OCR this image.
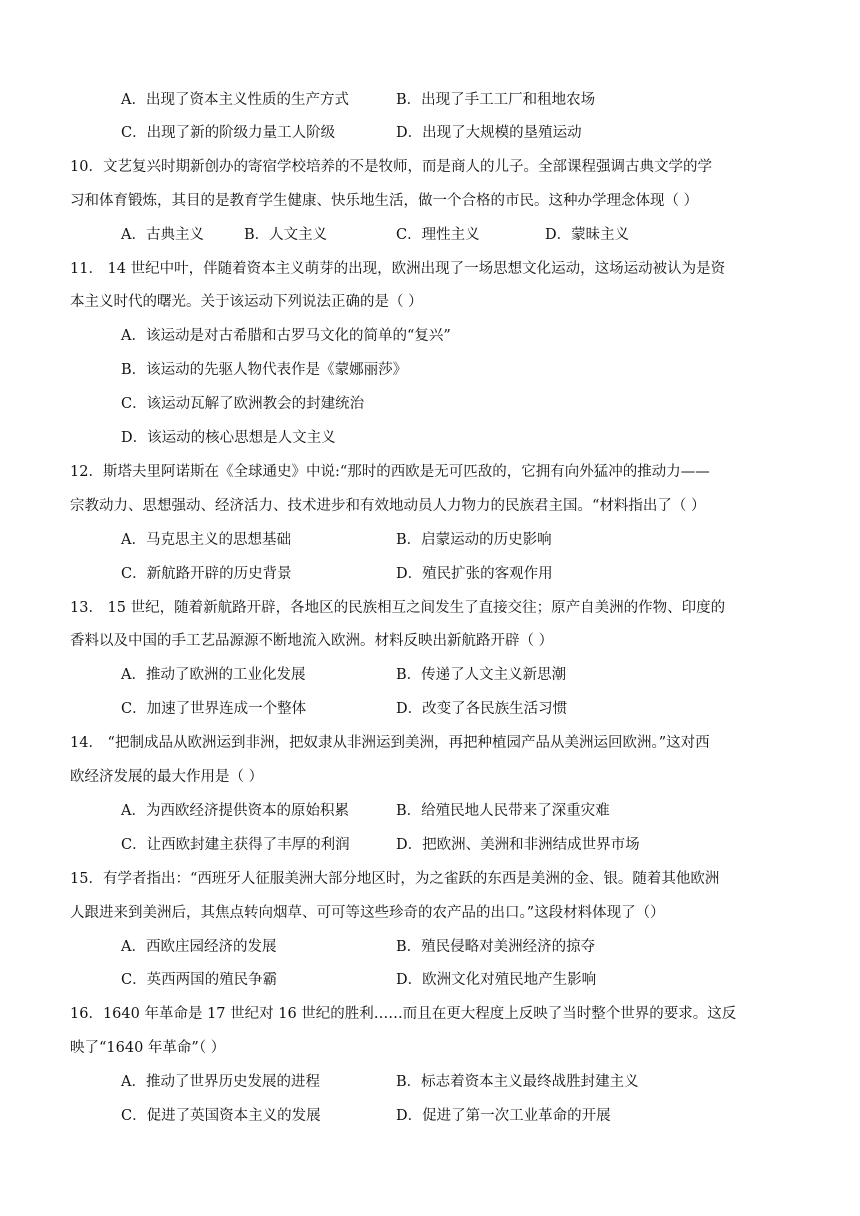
A．出现了资本主义性质的生产方式	B．出现了手工工厂和租地农场
C．出现了新的阶级力量工人阶级	D．出现了大规模的垦殖运动
10．文艺复兴时期新创办的寄宿学校培养的不是牧师，而是商人的儿子。全部课程强调古典文学的学
习和体育锻炼，其目的是教育学生健康、快乐地生活，做一个合格的市民。这种办学理念体现（ ）
A．古典主义	B．人文主义	C．理性主义	D．蒙昧主义
11． 14 世纪中叶，伴随着资本主义萌芽的出现，欧洲出现了一场思想文化运动，这场运动被认为是资
本主义时代的曙光。关于该运动下列说法正确的是（ ）
A．该运动是对古希腊和古罗马文化的简单的“复兴”
B．该运动的先驱人物代表作是《蒙娜丽莎》
C．该运动瓦解了欧洲教会的封建统治
D．该运动的核心思想是人文主义
12．斯塔夫里阿诺斯在《全球通史》中说:“那时的西欧是无可匹敌的，它拥有向外猛冲的推动力——
宗教动力、思想强动、经济活力、技术进步和有效地动员人力物力的民族君主国。“材料指出了（ ）
A．马克思主义的思想基础	B．启蒙运动的历史影响
C．新航路开辟的历史背景	D．殖民扩张的客观作用
13． 15 世纪，随着新航路开辟，各地区的民族相互之间发生了直接交往；原产自美洲的作物、印度的
香料以及中国的手工艺品源源不断地流入欧洲。材料反映出新航路开辟（ ）
A．推动了欧洲的工业化发展	B．传递了人文主义新思潮
C．加速了世界连成一个整体	D．改变了各民族生活习惯
14． “把制成品从欧洲运到非洲，把奴隶从非洲运到美洲，再把种植园产品从美洲运回欧洲。”这对西
欧经济发展的最大作用是（ ）
A．为西欧经济提供资本的原始积累	B．给殖民地人民带来了深重灾难
C．让西欧封建主获得了丰厚的利润	D．把欧洲、美洲和非洲结成世界市场
15．有学者指出：“西班牙人征服美洲大部分地区时，为之雀跃的东西是美洲的金、银。随着其他欧洲
人跟进来到美洲后，其焦点转向烟草、可可等这些珍奇的农产品的出口。”这段材料体现了（）
A．西欧庄园经济的发展	B．殖民侵略对美洲经济的掠夺
C．英西两国的殖民争霸	D．欧洲文化对殖民地产生影响
16．1640 年革命是 17 世纪对 16 世纪的胜利……而且在更大程度上反映了当时整个世界的要求。这反
映了“1640 年革命”（ ）
A．推动了世界历史发展的进程	B．标志着资本主义最终战胜封建主义
C．促进了英国资本主义的发展	D．促进了第一次工业革命的开展
